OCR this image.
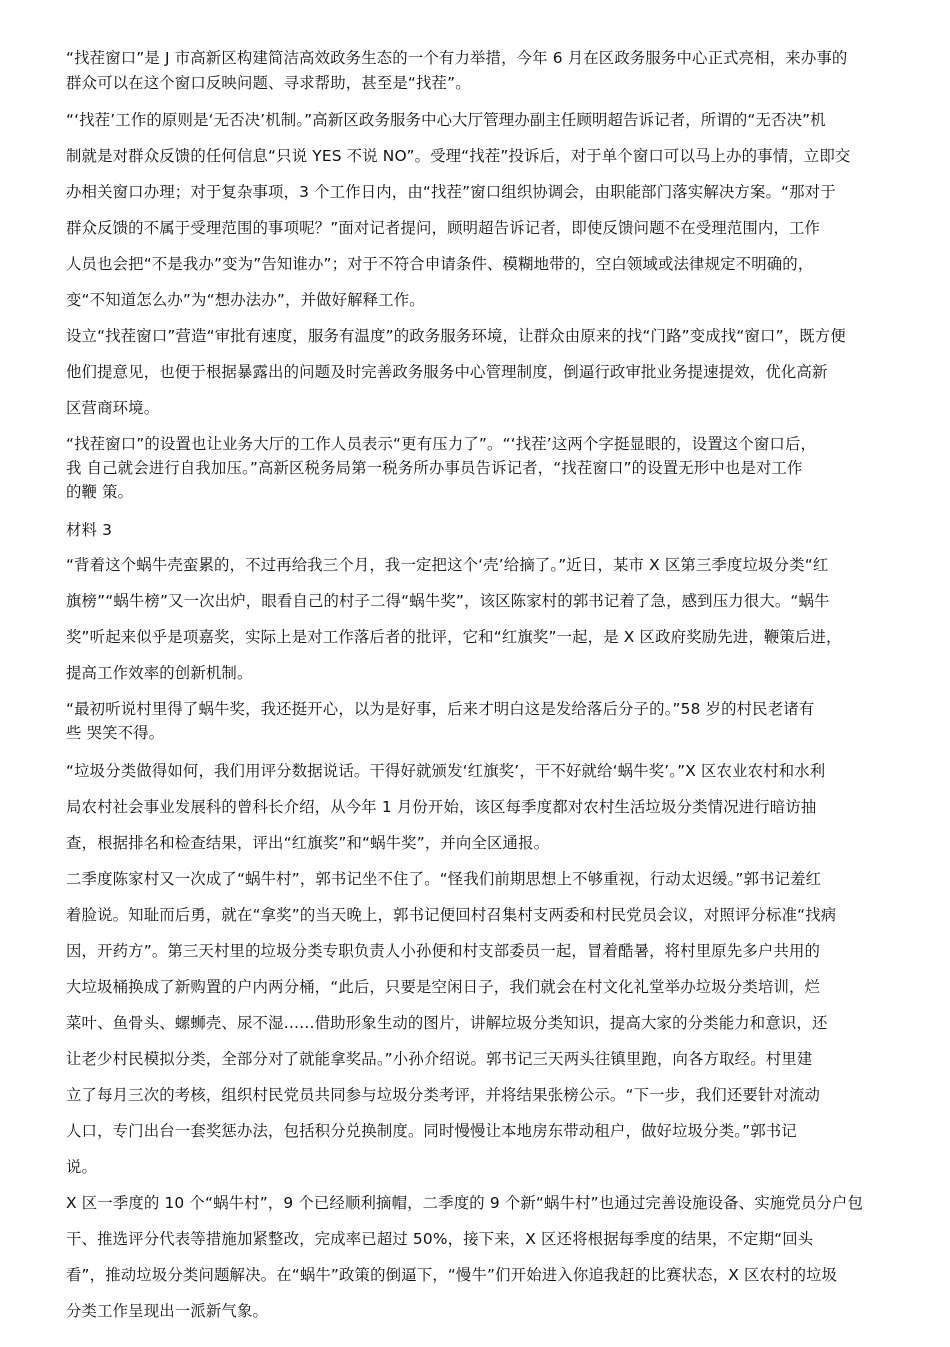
“找茬窗口”是 J 市高新区构建简洁高效政务生态的一个有力举措，今年 6 月在区政务服务中心正式亮相，来办事的

群众可以在这个窗口反映问题、寻求帮助，甚至是“找茬”。

“‘找茬’工作的原则是‘无否决’机制。”高新区政务服务中心大厅管理办副主任顾明超告诉记者，所谓的“无否决”机

制就是对群众反馈的任何信息“只说 YES 不说 NO”。受理“找茬”投诉后，对于单个窗口可以马上办的事情，立即交

办相关窗口办理；对于复杂事项，3 个工作日内，由“找茬”窗口组织协调会，由职能部门落实解决方案。“那对于

群众反馈的不属于受理范围的事项呢？”面对记者提问，顾明超告诉记者，即使反馈问题不在受理范围内，工作

人员也会把“不是我办”变为”告知谁办”；对于不符合申请条件、模糊地带的，空白领域或法律规定不明确的，

变“不知道怎么办”为“想办法办”，并做好解释工作。

设立“找茬窗口”营造“审批有速度，服务有温度”的政务服务环境，让群众由原来的找“门路”变成找“窗口”，既方便

他们提意见，也便于根据暴露出的问题及时完善政务服务中心管理制度，倒逼行政审批业务提速提效，优化高新

区营商环境。

“找茬窗口”的设置也让业务大厅的工作人员表示“更有压力了”。“‘找茬’这两个字挺显眼的，设置这个窗口后，

我 自己就会进行自我加压。”高新区税务局第一税务所办事员告诉记者，“找茬窗口”的设置无形中也是对工作

的鞭 策。

材料 3

“背着这个蜗牛壳蛮累的，不过再给我三个月，我一定把这个‘壳’给摘了。”近日，某市 X 区第三季度垃圾分类“红

旗榜”“蜗牛榜”又一次出炉，眼看自己的村子二得“蜗牛奖”，该区陈家村的郭书记着了急，感到压力很大。“蜗牛

奖”听起来似乎是项嘉奖，实际上是对工作落后者的批评，它和“红旗奖”一起，是 X 区政府奖励先进，鞭策后进，

提高工作效率的创新机制。

“最初听说村里得了蜗牛奖，我还挺开心，以为是好事，后来才明白这是发给落后分子的。”58 岁的村民老诸有

些 哭笑不得。

“垃圾分类做得如何，我们用评分数据说话。干得好就颁发‘红旗奖’，干不好就给‘蜗牛奖’。”X 区农业农村和水利

局农村社会事业发展科的曾科长介绍，从今年 1 月份开始，该区每季度都对农村生活垃圾分类情况进行暗访抽

查，根据排名和检查结果，评出“红旗奖”和“蜗牛奖”，并向全区通报。

二季度陈家村又一次成了“蜗牛村”，郭书记坐不住了。“怪我们前期思想上不够重视，行动太迟缓。”郭书记羞红

着脸说。知耻而后勇，就在“拿奖”的当天晚上，郭书记便回村召集村支两委和村民党员会议，对照评分标准“找病

因，开药方”。第三天村里的垃圾分类专职负责人小孙便和村支部委员一起，冒着酷暑，将村里原先多户共用的

大垃圾桶换成了新购置的户内两分桶，“此后，只要是空闲日子，我们就会在村文化礼堂举办垃圾分类培训，烂

菜叶、鱼骨头、螺蛳壳、尿不湿……借助形象生动的图片，讲解垃圾分类知识，提高大家的分类能力和意识，还

让老少村民模拟分类，全部分对了就能拿奖品。”小孙介绍说。郭书记三天两头往镇里跑，向各方取经。村里建

立了每月三次的考核，组织村民党员共同参与垃圾分类考评，并将结果张榜公示。“下一步，我们还要针对流动

人口，专门出台一套奖惩办法，包括积分兑换制度。同时慢慢让本地房东带动租户，做好垃圾分类。”郭书记

说。

X 区一季度的 10 个“蜗牛村”，9 个已经顺利摘帽，二季度的 9 个新“蜗牛村”也通过完善设施设备、实施党员分户包

干、推选评分代表等措施加紧整改，完成率已超过 50%，接下来，X 区还将根据每季度的结果，不定期“回头

看”，推动垃圾分类问题解决。在“蜗牛”政策的倒逼下，“慢牛”们开始进入你追我赶的比赛状态，X 区农村的垃圾

分类工作呈现出一派新气象。
